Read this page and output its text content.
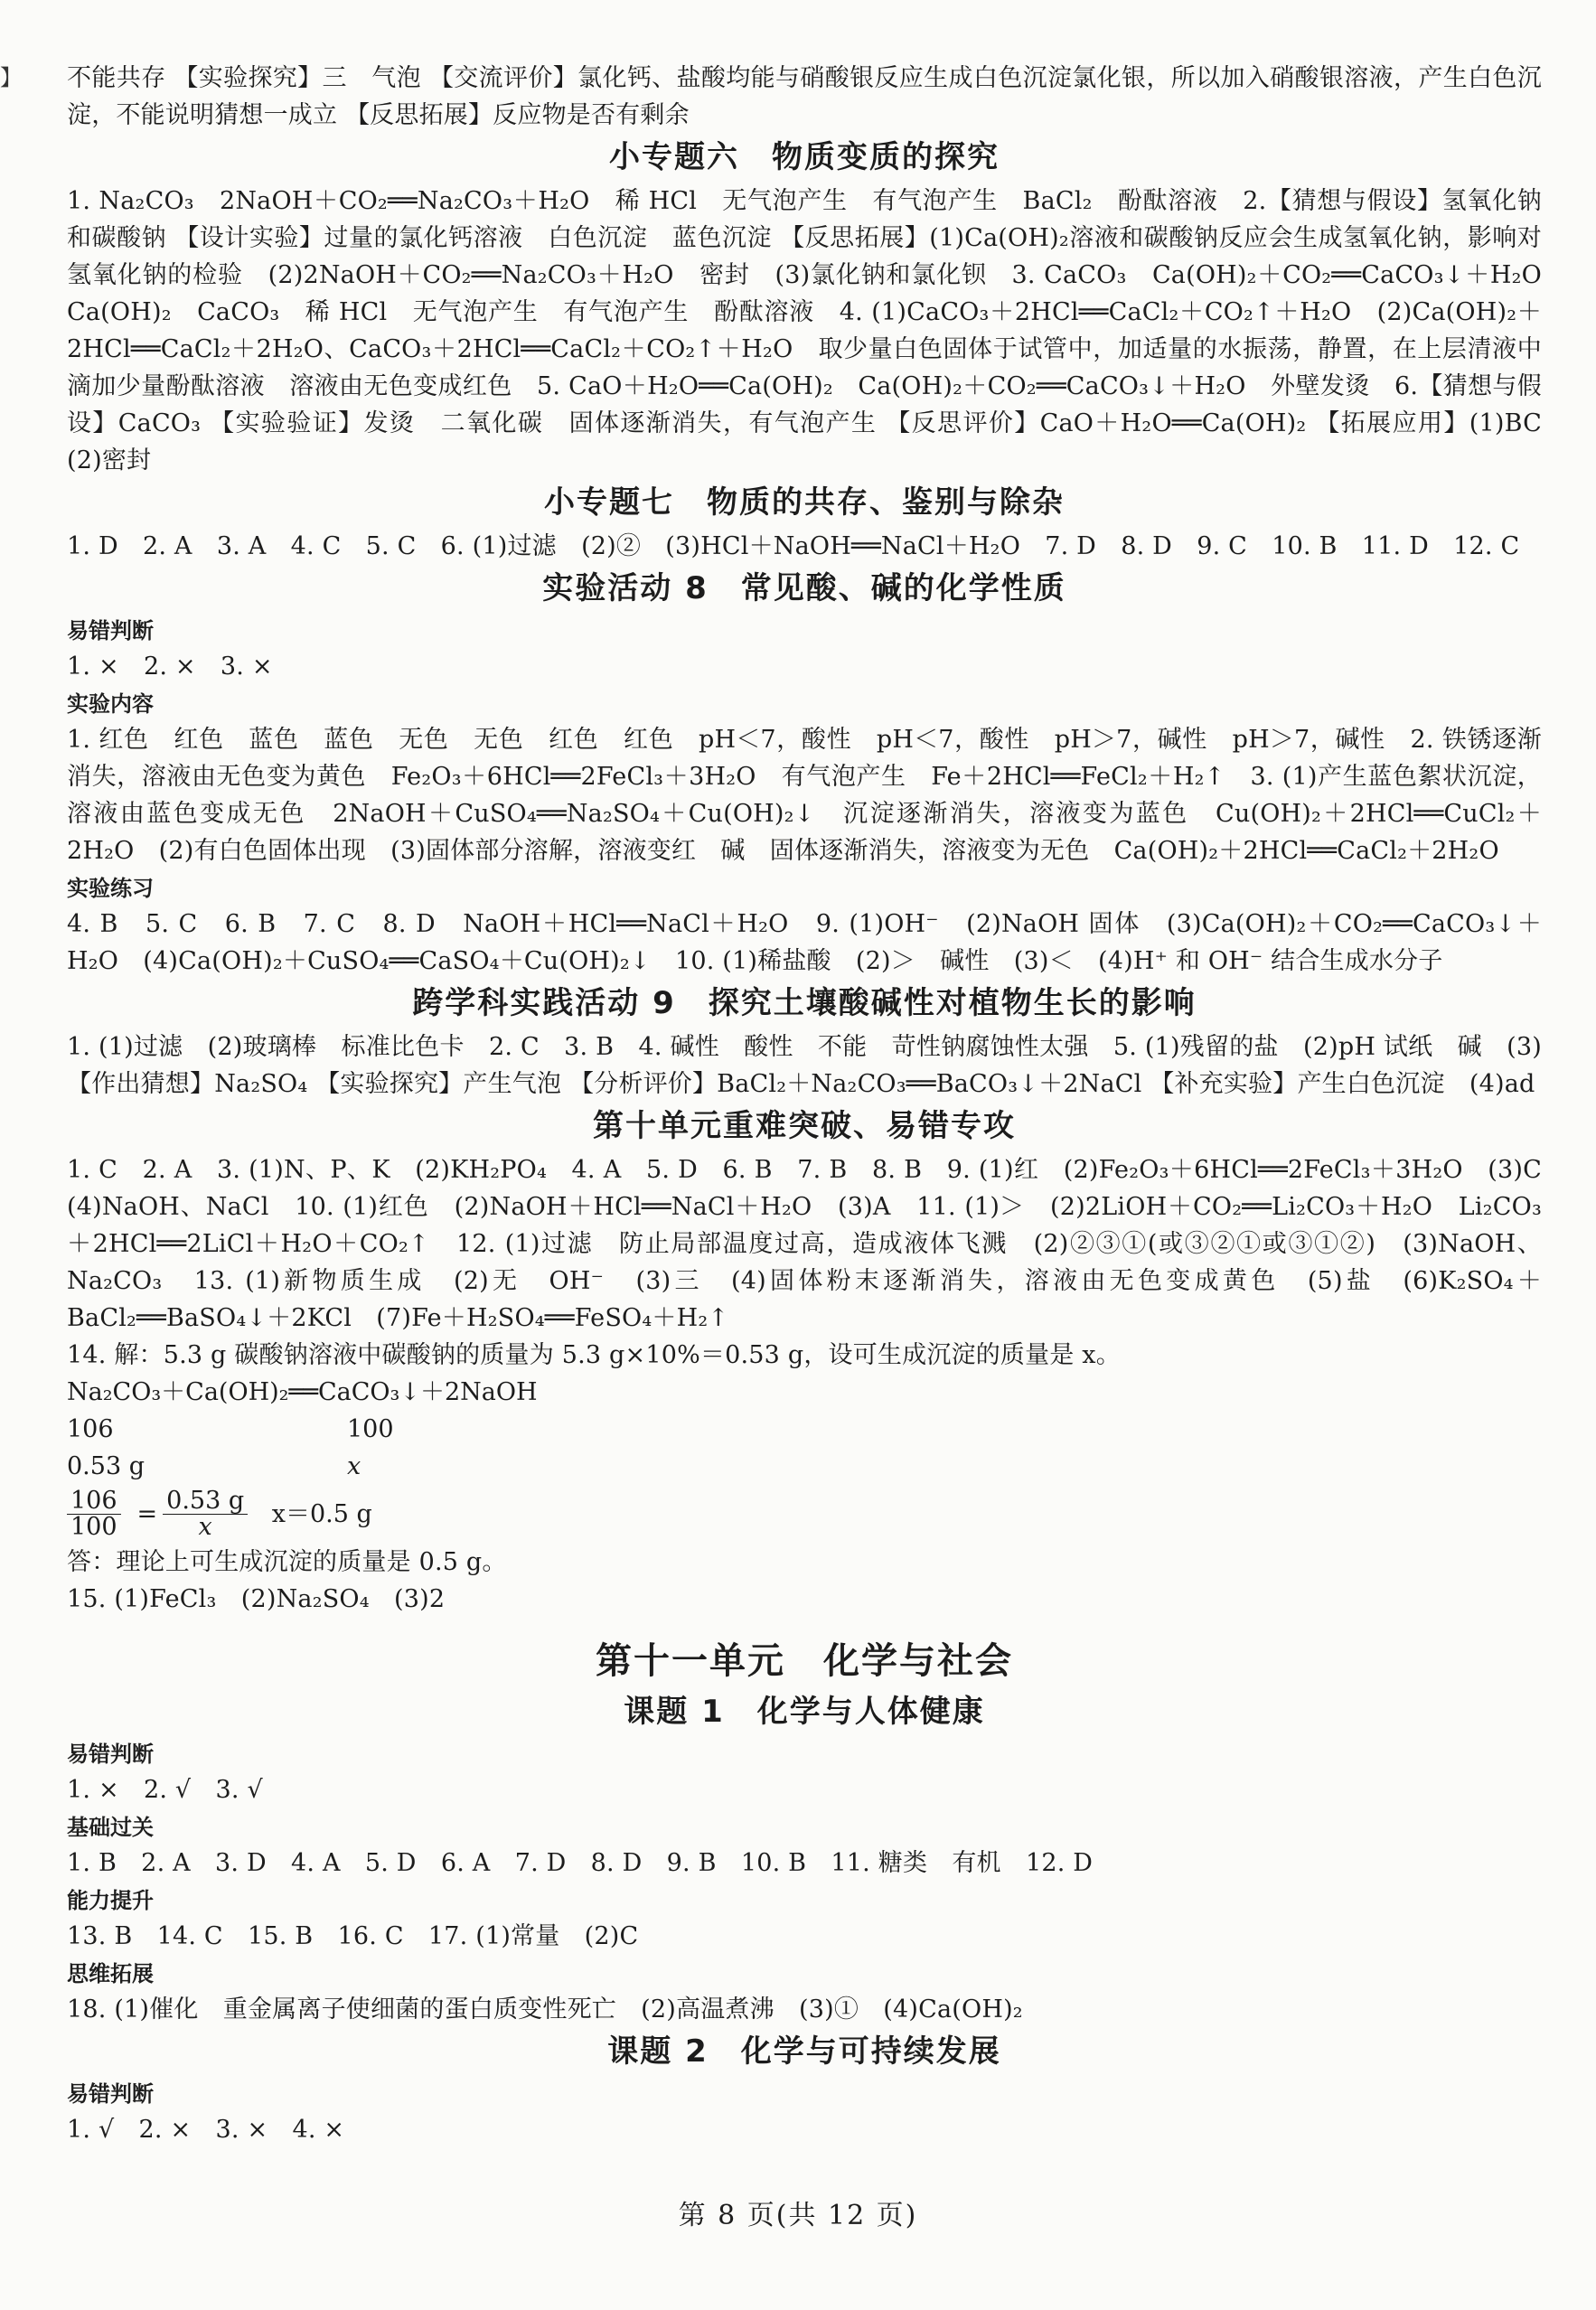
】 不能共存 【实验探究】三　气泡 【交流评价】氯化钙、盐酸均能与硝酸银反应生成白色沉淀氯化银，所以加入硝酸银溶液，产生白色沉淀，不能说明猜想一成立 【反思拓展】反应物是否有剩余

小专题六　物质变质的探究

1. Na₂CO₃　2NaOH＋CO₂══Na₂CO₃＋H₂O　稀 HCl　无气泡产生　有气泡产生　BaCl₂　酚酞溶液　2.【猜想与假设】氢氧化钠和碳酸钠 【设计实验】过量的氯化钙溶液　白色沉淀　蓝色沉淀 【反思拓展】(1)Ca(OH)₂溶液和碳酸钠反应会生成氢氧化钠，影响对氢氧化钠的检验　(2)2NaOH＋CO₂══Na₂CO₃＋H₂O　密封　(3)氯化钠和氯化钡　3. CaCO₃　Ca(OH)₂＋CO₂══CaCO₃↓＋H₂O　Ca(OH)₂　CaCO₃　稀 HCl　无气泡产生　有气泡产生　酚酞溶液　4. (1)CaCO₃＋2HCl══CaCl₂＋CO₂↑＋H₂O　(2)Ca(OH)₂＋2HCl══CaCl₂＋2H₂O、CaCO₃＋2HCl══CaCl₂＋CO₂↑＋H₂O　取少量白色固体于试管中，加适量的水振荡，静置，在上层清液中滴加少量酚酞溶液　溶液由无色变成红色　5. CaO＋H₂O══Ca(OH)₂　Ca(OH)₂＋CO₂══CaCO₃↓＋H₂O　外壁发烫　6.【猜想与假设】CaCO₃ 【实验验证】发烫　二氧化碳　固体逐渐消失，有气泡产生 【反思评价】CaO＋H₂O══Ca(OH)₂ 【拓展应用】(1)BC　(2)密封

小专题七　物质的共存、鉴别与除杂

1. D　2. A　3. A　4. C　5. C　6. (1)过滤　(2)②　(3)HCl＋NaOH══NaCl＋H₂O　7. D　8. D　9. C　10. B　11. D　12. C

实验活动 8　常见酸、碱的化学性质
易错判断

1. ×　2. ×　3. ×

实验内容

1. 红色　红色　蓝色　蓝色　无色　无色　红色　红色　pH＜7，酸性　pH＜7，酸性　pH＞7，碱性　pH＞7，碱性　2. 铁锈逐渐消失，溶液由无色变为黄色　Fe₂O₃＋6HCl══2FeCl₃＋3H₂O　有气泡产生　Fe＋2HCl══FeCl₂＋H₂↑　3. (1)产生蓝色絮状沉淀，溶液由蓝色变成无色　2NaOH＋CuSO₄══Na₂SO₄＋Cu(OH)₂↓　沉淀逐渐消失，溶液变为蓝色　Cu(OH)₂＋2HCl══CuCl₂＋2H₂O　(2)有白色固体出现　(3)固体部分溶解，溶液变红　碱　固体逐渐消失，溶液变为无色　Ca(OH)₂＋2HCl══CaCl₂＋2H₂O

实验练习

4. B　5. C　6. B　7. C　8. D　NaOH＋HCl══NaCl＋H₂O　9. (1)OH⁻　(2)NaOH 固体　(3)Ca(OH)₂＋CO₂══CaCO₃↓＋H₂O　(4)Ca(OH)₂＋CuSO₄══CaSO₄＋Cu(OH)₂↓　10. (1)稀盐酸　(2)＞　碱性　(3)＜　(4)H⁺ 和 OH⁻ 结合生成水分子

跨学科实践活动 9　探究土壤酸碱性对植物生长的影响

1. (1)过滤　(2)玻璃棒　标准比色卡　2. C　3. B　4. 碱性　酸性　不能　苛性钠腐蚀性太强　5. (1)残留的盐　(2)pH 试纸　碱　(3)【作出猜想】Na₂SO₄ 【实验探究】产生气泡 【分析评价】BaCl₂＋Na₂CO₃══BaCO₃↓＋2NaCl 【补充实验】产生白色沉淀　(4)ad

第十单元重难突破、易错专攻

1. C　2. A　3. (1)N、P、K　(2)KH₂PO₄　4. A　5. D　6. B　7. B　8. B　9. (1)红　(2)Fe₂O₃＋6HCl══2FeCl₃＋3H₂O　(3)C　(4)NaOH、NaCl　10. (1)红色　(2)NaOH＋HCl══NaCl＋H₂O　(3)A　11. (1)＞　(2)2LiOH＋CO₂══Li₂CO₃＋H₂O　Li₂CO₃＋2HCl══2LiCl＋H₂O＋CO₂↑　12. (1)过滤　防止局部温度过高，造成液体飞溅　(2)②③①(或③②①或③①②)　(3)NaOH、Na₂CO₃　13. (1)新物质生成　(2)无　OH⁻　(3)三　(4)固体粉末逐渐消失，溶液由无色变成黄色　(5)盐　(6)K₂SO₄＋BaCl₂══BaSO₄↓＋2KCl　(7)Fe＋H₂SO₄══FeSO₄＋H₂↑

14. 解：5.3 g 碳酸钠溶液中碳酸钠的质量为 5.3 g×10%＝0.53 g，设可生成沉淀的质量是 x。

Na₂CO₃＋Ca(OH)₂══CaCO₃↓＋2NaOH

106	100

0.53 g	x

$\frac{106}{100} = \frac{0.53 g}{x} x=0.5$ g

答：理论上可生成沉淀的质量是 0.5 g。

15. (1)FeCl₃　(2)Na₂SO₄　(3)2

第十一单元　化学与社会
课题 1　化学与人体健康
易错判断

1. ×　2. √　3. √

基础过关

1. B　2. A　3. D　4. A　5. D　6. A　7. D　8. D　9. B　10. B　11. 糖类　有机　12. D

能力提升

13. B　14. C　15. B　16. C　17. (1)常量　(2)C

思维拓展

18. (1)催化　重金属离子使细菌的蛋白质变性死亡　(2)高温煮沸　(3)①　(4)Ca(OH)₂

课题 2　化学与可持续发展
易错判断

1. √　2. ×　3. ×　4. ×

第 8 页(共 12 页)
